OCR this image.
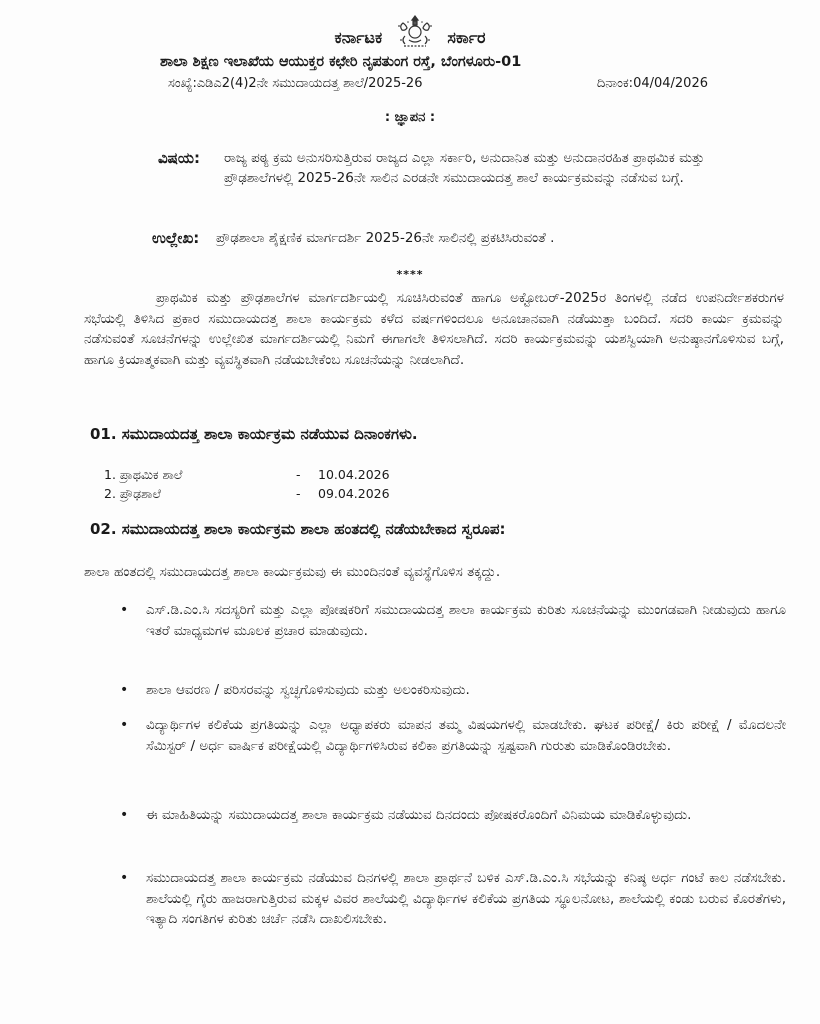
ಕರ್ನಾಟಕ	ಸರ್ಕಾರ
ಶಾಲಾ ಶಿಕ್ಷಣ ಇಲಾಖೆಯ ಆಯುಕ್ತರ ಕಛೇರಿ ನೃಪತುಂಗ ರಸ್ತೆ, ಬೆಂಗಳೂರು-01
ಸಂಖ್ಯೆ:ಎಡಿಎ2(4)2ನೇ ಸಮುದಾಯದತ್ತ ಶಾಲೆ/2025-26	ದಿನಾಂಕ:04/04/2026
: ಜ್ಞಾಪನ :
ವಿಷಯ: ರಾಜ್ಯ ಪಠ್ಯ ಕ್ರಮ ಅನುಸರಿಸುತ್ತಿರುವ ರಾಜ್ಯದ ಎಲ್ಲಾ ಸರ್ಕಾರಿ, ಅನುದಾನಿತ ಮತ್ತು ಅನುದಾನರಹಿತ ಪ್ರಾಥಮಿಕ ಮತ್ತು ಪ್ರೌಢಶಾಲೆಗಳಲ್ಲಿ 2025-26ನೇ ಸಾಲಿನ ಎರಡನೇ ಸಮುದಾಯದತ್ತ ಶಾಲೆ ಕಾರ್ಯಕ್ರಮವನ್ನು ನಡೆಸುವ ಬಗ್ಗೆ.
ಉಲ್ಲೇಖ: ಪ್ರೌಢಶಾಲಾ ಶೈಕ್ಷಣಿಕ ಮಾರ್ಗದರ್ಶಿ 2025-26ನೇ ಸಾಲಿನಲ್ಲಿ ಪ್ರಕಟಿಸಿರುವಂತೆ .
****
ಪ್ರಾಥಮಿಕ ಮತ್ತು ಪ್ರೌಢಶಾಲೆಗಳ ಮಾರ್ಗದರ್ಶಿಯಲ್ಲಿ ಸೂಚಿಸಿರುವಂತೆ ಹಾಗೂ ಅಕ್ಟೋಬರ್-2025ರ ತಿಂಗಳಲ್ಲಿ ನಡೆದ ಉಪನಿರ್ದೇಶಕರುಗಳ ಸಭೆಯಲ್ಲಿ ತಿಳಿಸಿದ ಪ್ರಕಾರ ಸಮುದಾಯದತ್ತ ಶಾಲಾ ಕಾರ್ಯಕ್ರಮ ಕಳೆದ ವರ್ಷಗಳಿಂದಲೂ ಅನೂಚಾನವಾಗಿ ನಡೆಯುತ್ತಾ ಬಂದಿದೆ. ಸದರಿ ಕಾರ್ಯ ಕ್ರಮವನ್ನು ನಡೆಸುವಂತೆ ಸೂಚನೆಗಳನ್ನು ಉಲ್ಲೇಖಿತ ಮಾರ್ಗದರ್ಶಿಯಲ್ಲಿ ನಿಮಗೆ ಈಗಾಗಲೇ ತಿಳಿಸಲಾಗಿದೆ. ಸದರಿ ಕಾರ್ಯಕ್ರಮವನ್ನು ಯಶಸ್ವಿಯಾಗಿ ಅನುಷ್ಠಾನಗೊಳಿಸುವ ಬಗ್ಗೆ, ಹಾಗೂ ಕ್ರಿಯಾತ್ಮಕವಾಗಿ ಮತ್ತು ವ್ಯವಸ್ಥಿತವಾಗಿ ನಡೆಯಬೇಕೆಂಬ ಸೂಚನೆಯನ್ನು ನೀಡಲಾಗಿದೆ.
01. ಸಮುದಾಯದತ್ತ ಶಾಲಾ ಕಾರ್ಯಕ್ರಮ ನಡೆಯುವ ದಿನಾಂಕಗಳು.
1. ಪ್ರಾಥಮಿಕ ಶಾಲೆ	- 10.04.2026
2. ಪ್ರೌಢಶಾಲೆ	- 09.04.2026
02. ಸಮುದಾಯದತ್ತ ಶಾಲಾ ಕಾರ್ಯಕ್ರಮ ಶಾಲಾ ಹಂತದಲ್ಲಿ ನಡೆಯಬೇಕಾದ ಸ್ವರೂಪ:
ಶಾಲಾ ಹಂತದಲ್ಲಿ ಸಮುದಾಯದತ್ತ ಶಾಲಾ ಕಾರ್ಯಕ್ರಮವು ಈ ಮುಂದಿನಂತೆ ವ್ಯವಸ್ಥೆಗೊಳಿಸ ತಕ್ಕದ್ದು.
•	ಎಸ್.ಡಿ.ಎಂ.ಸಿ ಸದಸ್ಯರಿಗೆ ಮತ್ತು ಎಲ್ಲಾ ಪೋಷಕರಿಗೆ ಸಮುದಾಯದತ್ತ ಶಾಲಾ ಕಾರ್ಯಕ್ರಮ ಕುರಿತು ಸೂಚನೆಯನ್ನು ಮುಂಗಡವಾಗಿ ನೀಡುವುದು ಹಾಗೂ ಇತರೆ ಮಾಧ್ಯಮಗಳ ಮೂಲಕ ಪ್ರಚಾರ ಮಾಡುವುದು.
•	ಶಾಲಾ ಆವರಣ / ಪರಿಸರವನ್ನು ಸ್ವಚ್ಛಗೊಳಿಸುವುದು ಮತ್ತು ಅಲಂಕರಿಸುವುದು.
•	ವಿದ್ಯಾರ್ಥಿಗಳ ಕಲಿಕೆಯ ಪ್ರಗತಿಯನ್ನು ಎಲ್ಲಾ ಅಧ್ಯಾಪಕರು ಮಾಪನ ತಮ್ಮ ವಿಷಯಗಳಲ್ಲಿ ಮಾಡಬೇಕು. ಘಟಕ ಪರೀಕ್ಷೆ/ ಕಿರು ಪರೀಕ್ಷೆ / ಮೊದಲನೇ ಸೆಮಿಸ್ಟರ್ / ಅರ್ಧ ವಾರ್ಷಿಕ ಪರೀಕ್ಷೆಯಲ್ಲಿ ವಿದ್ಯಾರ್ಥಿಗಳಿಸಿರುವ ಕಲಿಕಾ ಪ್ರಗತಿಯನ್ನು ಸ್ಪಷ್ಟವಾಗಿ ಗುರುತು ಮಾಡಿಕೊಂಡಿರಬೇಕು.
•	ಈ ಮಾಹಿತಿಯನ್ನು ಸಮುದಾಯದತ್ತ ಶಾಲಾ ಕಾರ್ಯಕ್ರಮ ನಡೆಯುವ ದಿನದಂದು ಪೋಷಕರೊಂದಿಗೆ ವಿನಿಮಯ ಮಾಡಿಕೊಳ್ಳುವುದು.
•	ಸಮುದಾಯದತ್ತ ಶಾಲಾ ಕಾರ್ಯಕ್ರಮ ನಡೆಯುವ ದಿನಗಳಲ್ಲಿ ಶಾಲಾ ಪ್ರಾರ್ಥನೆ ಬಳಿಕ ಎಸ್.ಡಿ.ಎಂ.ಸಿ ಸಭೆಯನ್ನು ಕನಿಷ್ಠ ಅರ್ಧ ಗಂಟೆ ಕಾಲ ನಡೆಸಬೇಕು. ಶಾಲೆಯಲ್ಲಿ ಗೈರು ಹಾಜರಾಗುತ್ತಿರುವ ಮಕ್ಕಳ ವಿವರ ಶಾಲೆಯಲ್ಲಿ ವಿದ್ಯಾರ್ಥಿಗಳ ಕಲಿಕೆಯ ಪ್ರಗತಿಯ ಸ್ಥೂಲನೋಟ, ಶಾಲೆಯಲ್ಲಿ ಕಂಡು ಬರುವ ಕೊರತೆಗಳು, ಇತ್ಯಾದಿ ಸಂಗತಿಗಳ ಕುರಿತು ಚರ್ಚೆ ನಡೆಸಿ ದಾಖಲಿಸಬೇಕು.
